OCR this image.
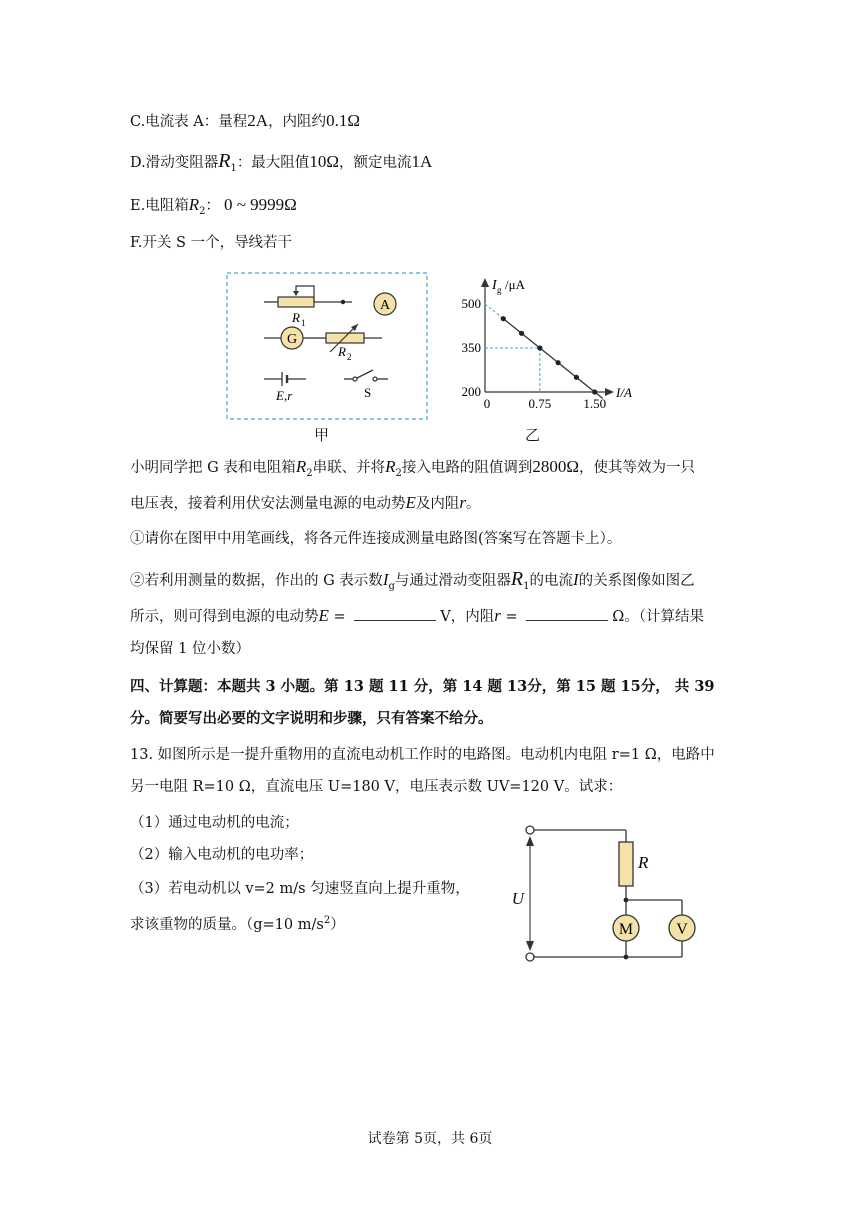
C.电流表 A：量程2A，内阻约0.1Ω
D.滑动变阻器$R_1$：最大阻值10Ω，额定电流1A
E.电阻箱$R_2$： 0 ~ 9999Ω
F.开关 S 一个，导线若干
R 1
A
G
R 2
E,r	S
甲
I g /μA
I/A
500
350
200
0	0.75 1.50
乙
小明同学把 G 表和电阻箱$R_2$串联、并将$R_2$接入电路的阻值调到2800Ω，使其等效为一只
电压表，接着利用伏安法测量电源的电动势E及内阻r。
①请你在图甲中用笔画线，将各元件连接成测量电路图(答案写在答题卡上）。
②若利用测量的数据，作出的 G 表示数$I_g$与通过滑动变阻器$R_1$的电流I的关系图像如图乙
所示，则可得到电源的电动势E =	V，内阻r =	Ω。（计算结果
均保留 1 位小数）
四、计算题：本题共 3 小题。第 13 题 11 分，第 14 题 13分，第 15 题 15分， 共 39
分。简要写出必要的文字说明和步骤，只有答案不给分。
13. 如图所示是一提升重物用的直流电动机工作时的电路图。电动机内电阻 r=1 Ω，电路中
另一电阻 R=10 Ω，直流电压 U=180 V，电压表示数 UV=120 V。试求：
（1）通过电动机的电流；
（2）输入电动机的电功率；
（3）若电动机以 v=2 m/s 匀速竖直向上提升重物，
求该重物的质量。（g=10 $m/s^2$）
U
R
M	V
试卷第 5页，共 6页
